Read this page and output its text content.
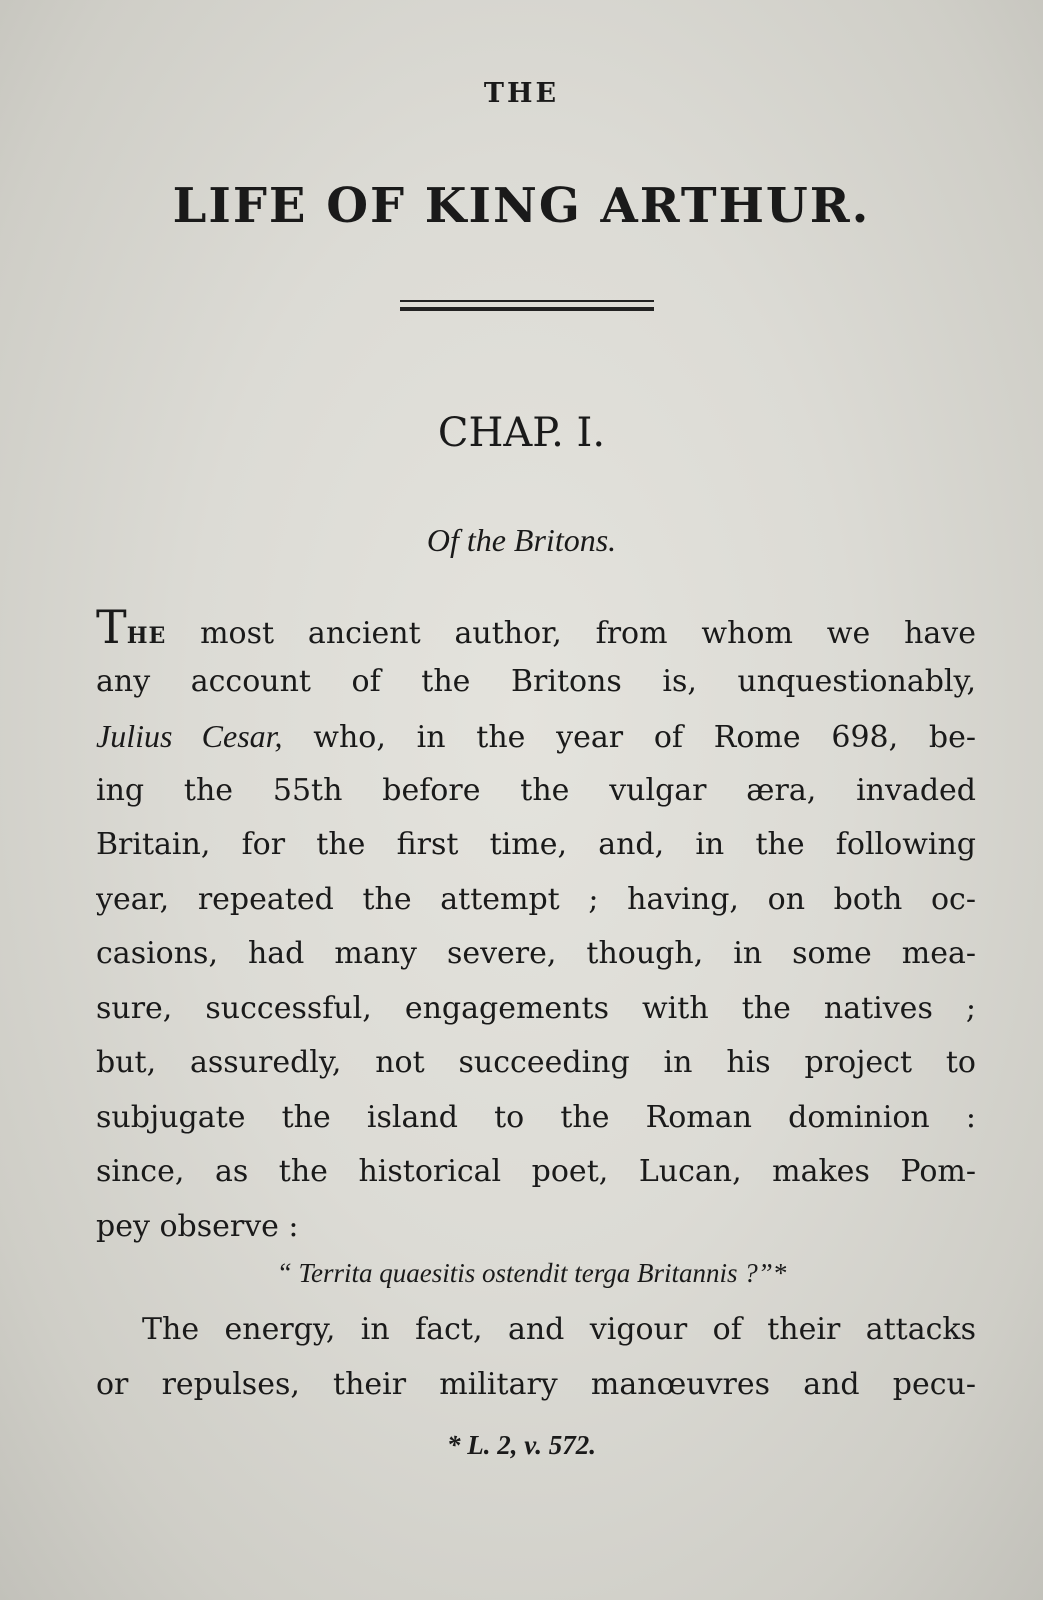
THE
LIFE OF KING ARTHUR.
CHAP. I.
Of the Britons.
THE most ancient author, from whom we have
any account of the Britons is, unquestionably,
Julius Cesar, who, in the year of Rome 698, be-
ing the 55th before the vulgar æra, invaded
Britain, for the first time, and, in the following
year, repeated the attempt ; having, on both oc-
casions, had many severe, though, in some mea-
sure, successful, engagements with the natives ;
but, assuredly, not succeeding in his project to
subjugate the island to the Roman dominion :
since, as the historical poet, Lucan, makes Pom-
pey observe :
“ Territa quaesitis ostendit terga Britannis ?”*
The energy, in fact, and vigour of their attacks
or repulses, their military manœuvres and pecu-
* L. 2, v. 572.
